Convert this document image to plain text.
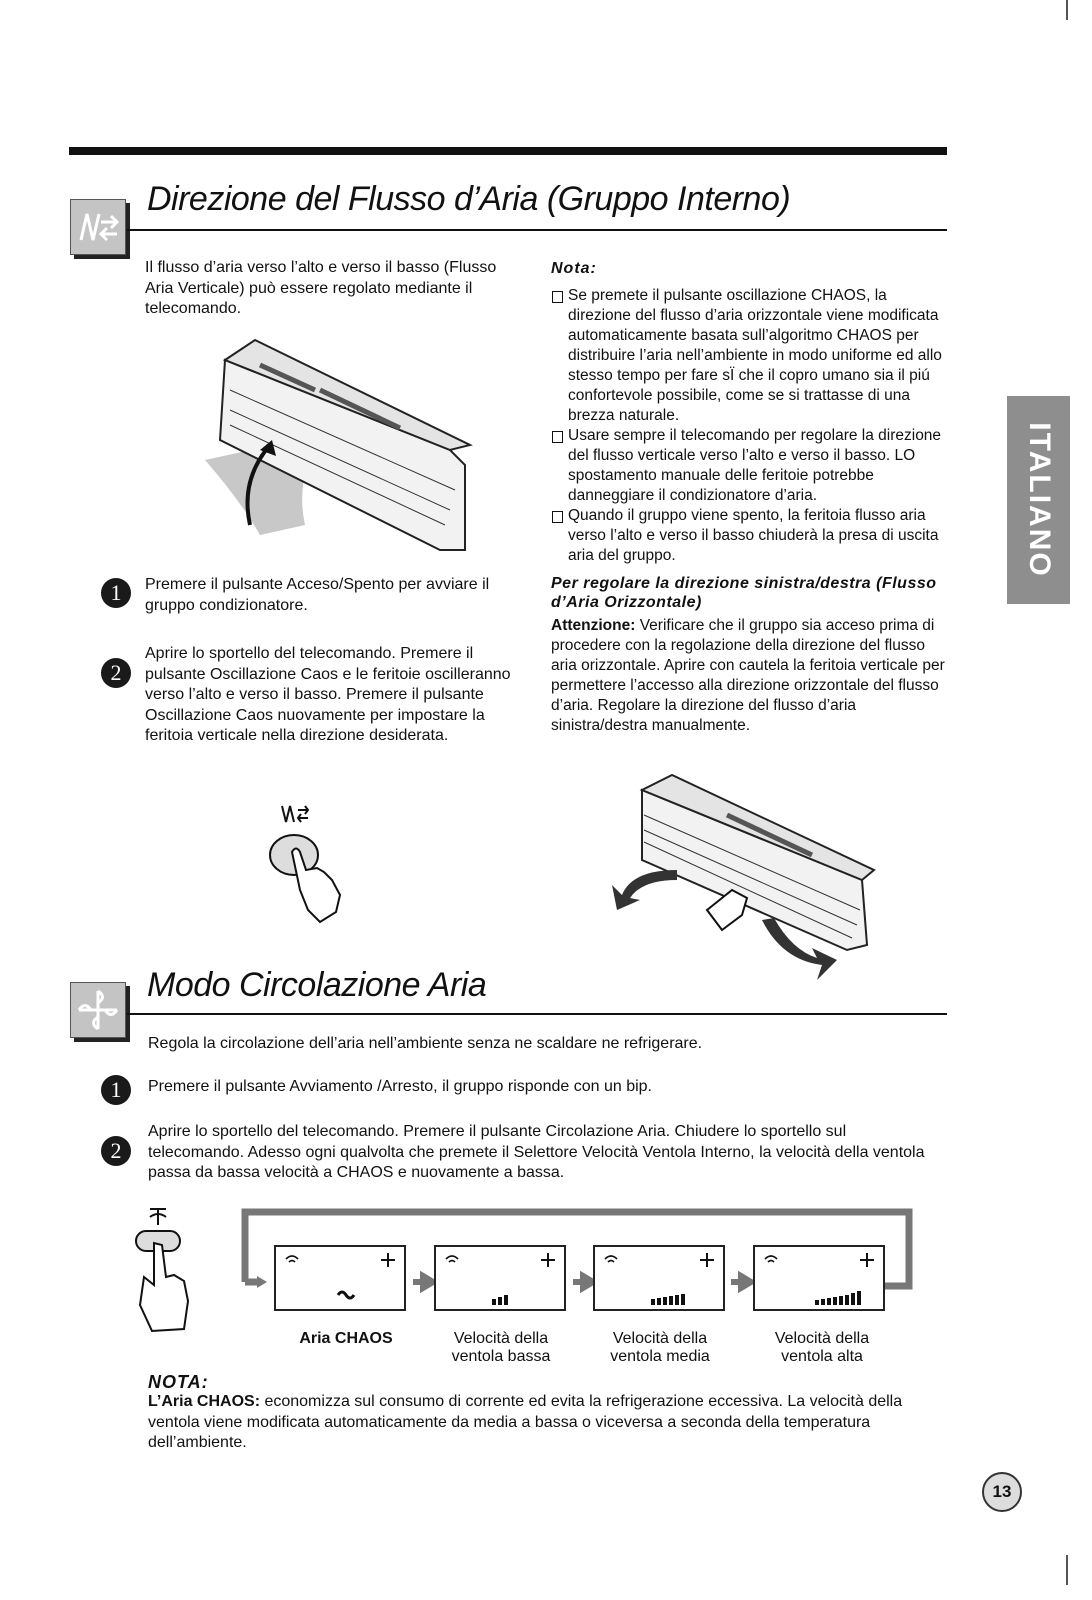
Direzione del Flusso d’Aria (Gruppo Interno)
Il flusso d’aria verso l’alto e verso il basso (Flusso Aria Verticale) può essere regolato mediante il telecomando.
1	Premere il pulsante Acceso/Spento per avviare il gruppo condizionatore.
2
Aprire lo sportello del telecomando. Premere il pulsante Oscillazione Caos e le feritoie oscilleranno verso l’alto e verso il basso. Premere il pulsante Oscillazione Caos nuovamente per impostare la feritoia verticale nella direzione desiderata.
Nota:
Se premete il pulsante oscillazione CHAOS, la direzione del flusso d’aria orizzontale viene modificata automaticamente basata sull’algoritmo CHAOS per distribuire l’aria nell’ambiente in modo uniforme ed allo stesso tempo per fare sÏ che il copro umano sia il piú confortevole possibile, come se si trattasse di una brezza naturale.
Usare sempre il telecomando per regolare la direzione del flusso verticale verso l’alto e verso il basso. LO spostamento manuale delle feritoie potrebbe danneggiare il condizionatore d’aria.
Quando il gruppo viene spento, la feritoia flusso aria verso l’alto e verso il basso chiuderà la presa di uscita aria del gruppo.
Per regolare la direzione sinistra/destra (Flusso d’Aria Orizzontale)
Attenzione: Verificare che il gruppo sia acceso prima di procedere con la regolazione della direzione del flusso aria orizzontale. Aprire con cautela la feritoia verticale per permettere l’accesso alla direzione orizzontale del flusso d’aria. Regolare la direzione del flusso d’aria sinistra/destra manualmente.
Modo Circolazione Aria
Regola la circolazione dell’aria nell’ambiente senza ne scaldare ne refrigerare.
1	Premere il pulsante Avviamento /Arresto, il gruppo risponde con un bip.
2
Aprire lo sportello del telecomando. Premere il pulsante Circolazione Aria. Chiudere lo sportello sul telecomando. Adesso ogni qualvolta che premete il Selettore Velocità Ventola Interno, la velocità della ventola passa da bassa velocità a CHAOS e nuovamente a bassa.
Aria CHAOS	Velocità della ventola bassa
Velocità della ventola media
Velocità della ventola alta
NOTA:
L’Aria CHAOS: economizza sul consumo di corrente ed evita la refrigerazione eccessiva. La velocità della ventola viene modificata automaticamente da media a bassa o viceversa a seconda della temperatura dell’ambiente.
ITALIANO
13
